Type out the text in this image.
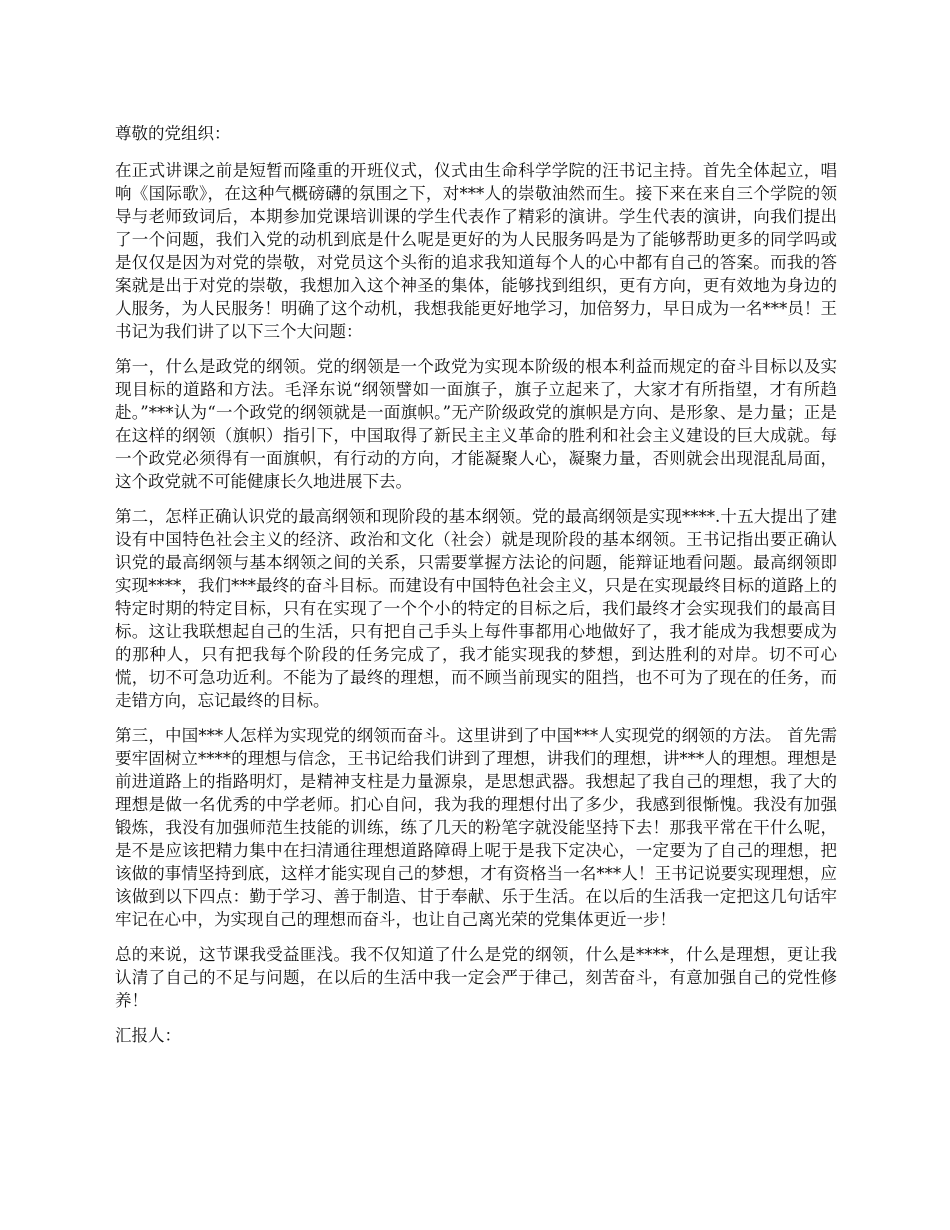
尊敬的党组织：

在正式讲课之前是短暂而隆重的开班仪式，仪式由生命科学学院的汪书记主持。首先全体起立，唱响《国际歌》，在这种气概磅礴的氛围之下，对***人的崇敬油然而生。接下来在来自三个学院的领导与老师致词后，本期参加党课培训课的学生代表作了精彩的演讲。学生代表的演讲，向我们提出了一个问题，我们入党的动机到底是什么呢是更好的为人民服务吗是为了能够帮助更多的同学吗或是仅仅是因为对党的崇敬，对党员这个头衔的追求我知道每个人的心中都有自己的答案。而我的答案就是出于对党的崇敬，我想加入这个神圣的集体，能够找到组织，更有方向，更有效地为身边的人服务，为人民服务！明确了这个动机，我想我能更好地学习，加倍努力，早日成为一名***员！王书记为我们讲了以下三个大问题：

第一，什么是政党的纲领。党的纲领是一个政党为实现本阶级的根本利益而规定的奋斗目标以及实现目标的道路和方法。毛泽东说“纲领譬如一面旗子，旗子立起来了，大家才有所指望，才有所趋赴。”***认为“一个政党的纲领就是一面旗帜。”无产阶级政党的旗帜是方向、是形象、是力量；正是在这样的纲领（旗帜）指引下，中国取得了新民主主义革命的胜利和社会主义建设的巨大成就。每一个政党必须得有一面旗帜，有行动的方向，才能凝聚人心，凝聚力量，否则就会出现混乱局面，这个政党就不可能健康长久地进展下去。

第二，怎样正确认识党的最高纲领和现阶段的基本纲领。党的最高纲领是实现****.十五大提出了建设有中国特色社会主义的经济、政治和文化（社会）就是现阶段的基本纲领。王书记指出要正确认识党的最高纲领与基本纲领之间的关系，只需要掌握方法论的问题，能辩证地看问题。最高纲领即实现****，我们***最终的奋斗目标。而建设有中国特色社会主义，只是在实现最终目标的道路上的特定时期的特定目标，只有在实现了一个个小的特定的目标之后，我们最终才会实现我们的最高目标。这让我联想起自己的生活，只有把自己手头上每件事都用心地做好了，我才能成为我想要成为的那种人，只有把我每个阶段的任务完成了，我才能实现我的梦想，到达胜利的对岸。切不可心慌，切不可急功近利。不能为了最终的理想，而不顾当前现实的阻挡，也不可为了现在的任务，而走错方向，忘记最终的目标。

第三，中国***人怎样为实现党的纲领而奋斗。这里讲到了中国***人实现党的纲领的方法。 首先需要牢固树立****的理想与信念，王书记给我们讲到了理想，讲我们的理想，讲***人的理想。理想是前进道路上的指路明灯，是精神支柱是力量源泉，是思想武器。我想起了我自己的理想，我了大的理想是做一名优秀的中学老师。扪心自问，我为我的理想付出了多少，我感到很惭愧。我没有加强锻炼，我没有加强师范生技能的训练，练了几天的粉笔字就没能坚持下去！那我平常在干什么呢，是不是应该把精力集中在扫清通往理想道路障碍上呢于是我下定决心，一定要为了自己的理想，把该做的事情坚持到底，这样才能实现自己的梦想，才有资格当一名***人！王书记说要实现理想，应该做到以下四点：勤于学习、善于制造、甘于奉献、乐于生活。在以后的生活我一定把这几句话牢牢记在心中，为实现自己的理想而奋斗，也让自己离光荣的党集体更近一步！

总的来说，这节课我受益匪浅。我不仅知道了什么是党的纲领，什么是****，什么是理想，更让我认清了自己的不足与问题，在以后的生活中我一定会严于律己，刻苦奋斗，有意加强自己的党性修养！

汇报人：
